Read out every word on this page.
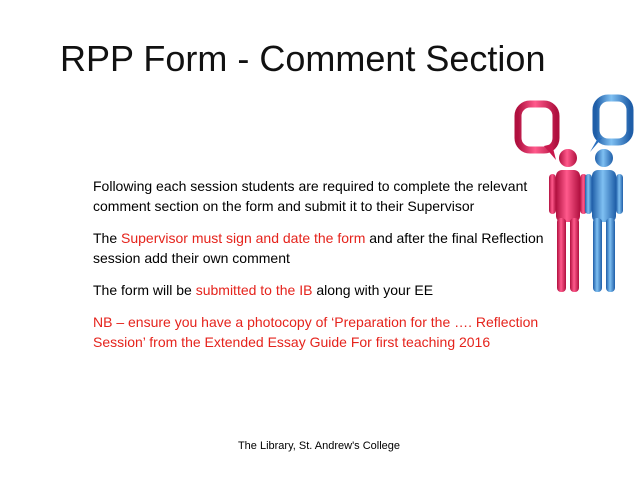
RPP Form - Comment Section

Following each session students are required to complete the relevant comment section on the form and submit it to their Supervisor

The Supervisor must sign and date the form and after the final Reflection session add their own comment

The form will be submitted to the IB along with your EE

NB – ensure you have a photocopy of ‘Preparation for the …. Reflection Session’ from the Extended Essay Guide For first teaching 2016

The Library, St. Andrew's College
